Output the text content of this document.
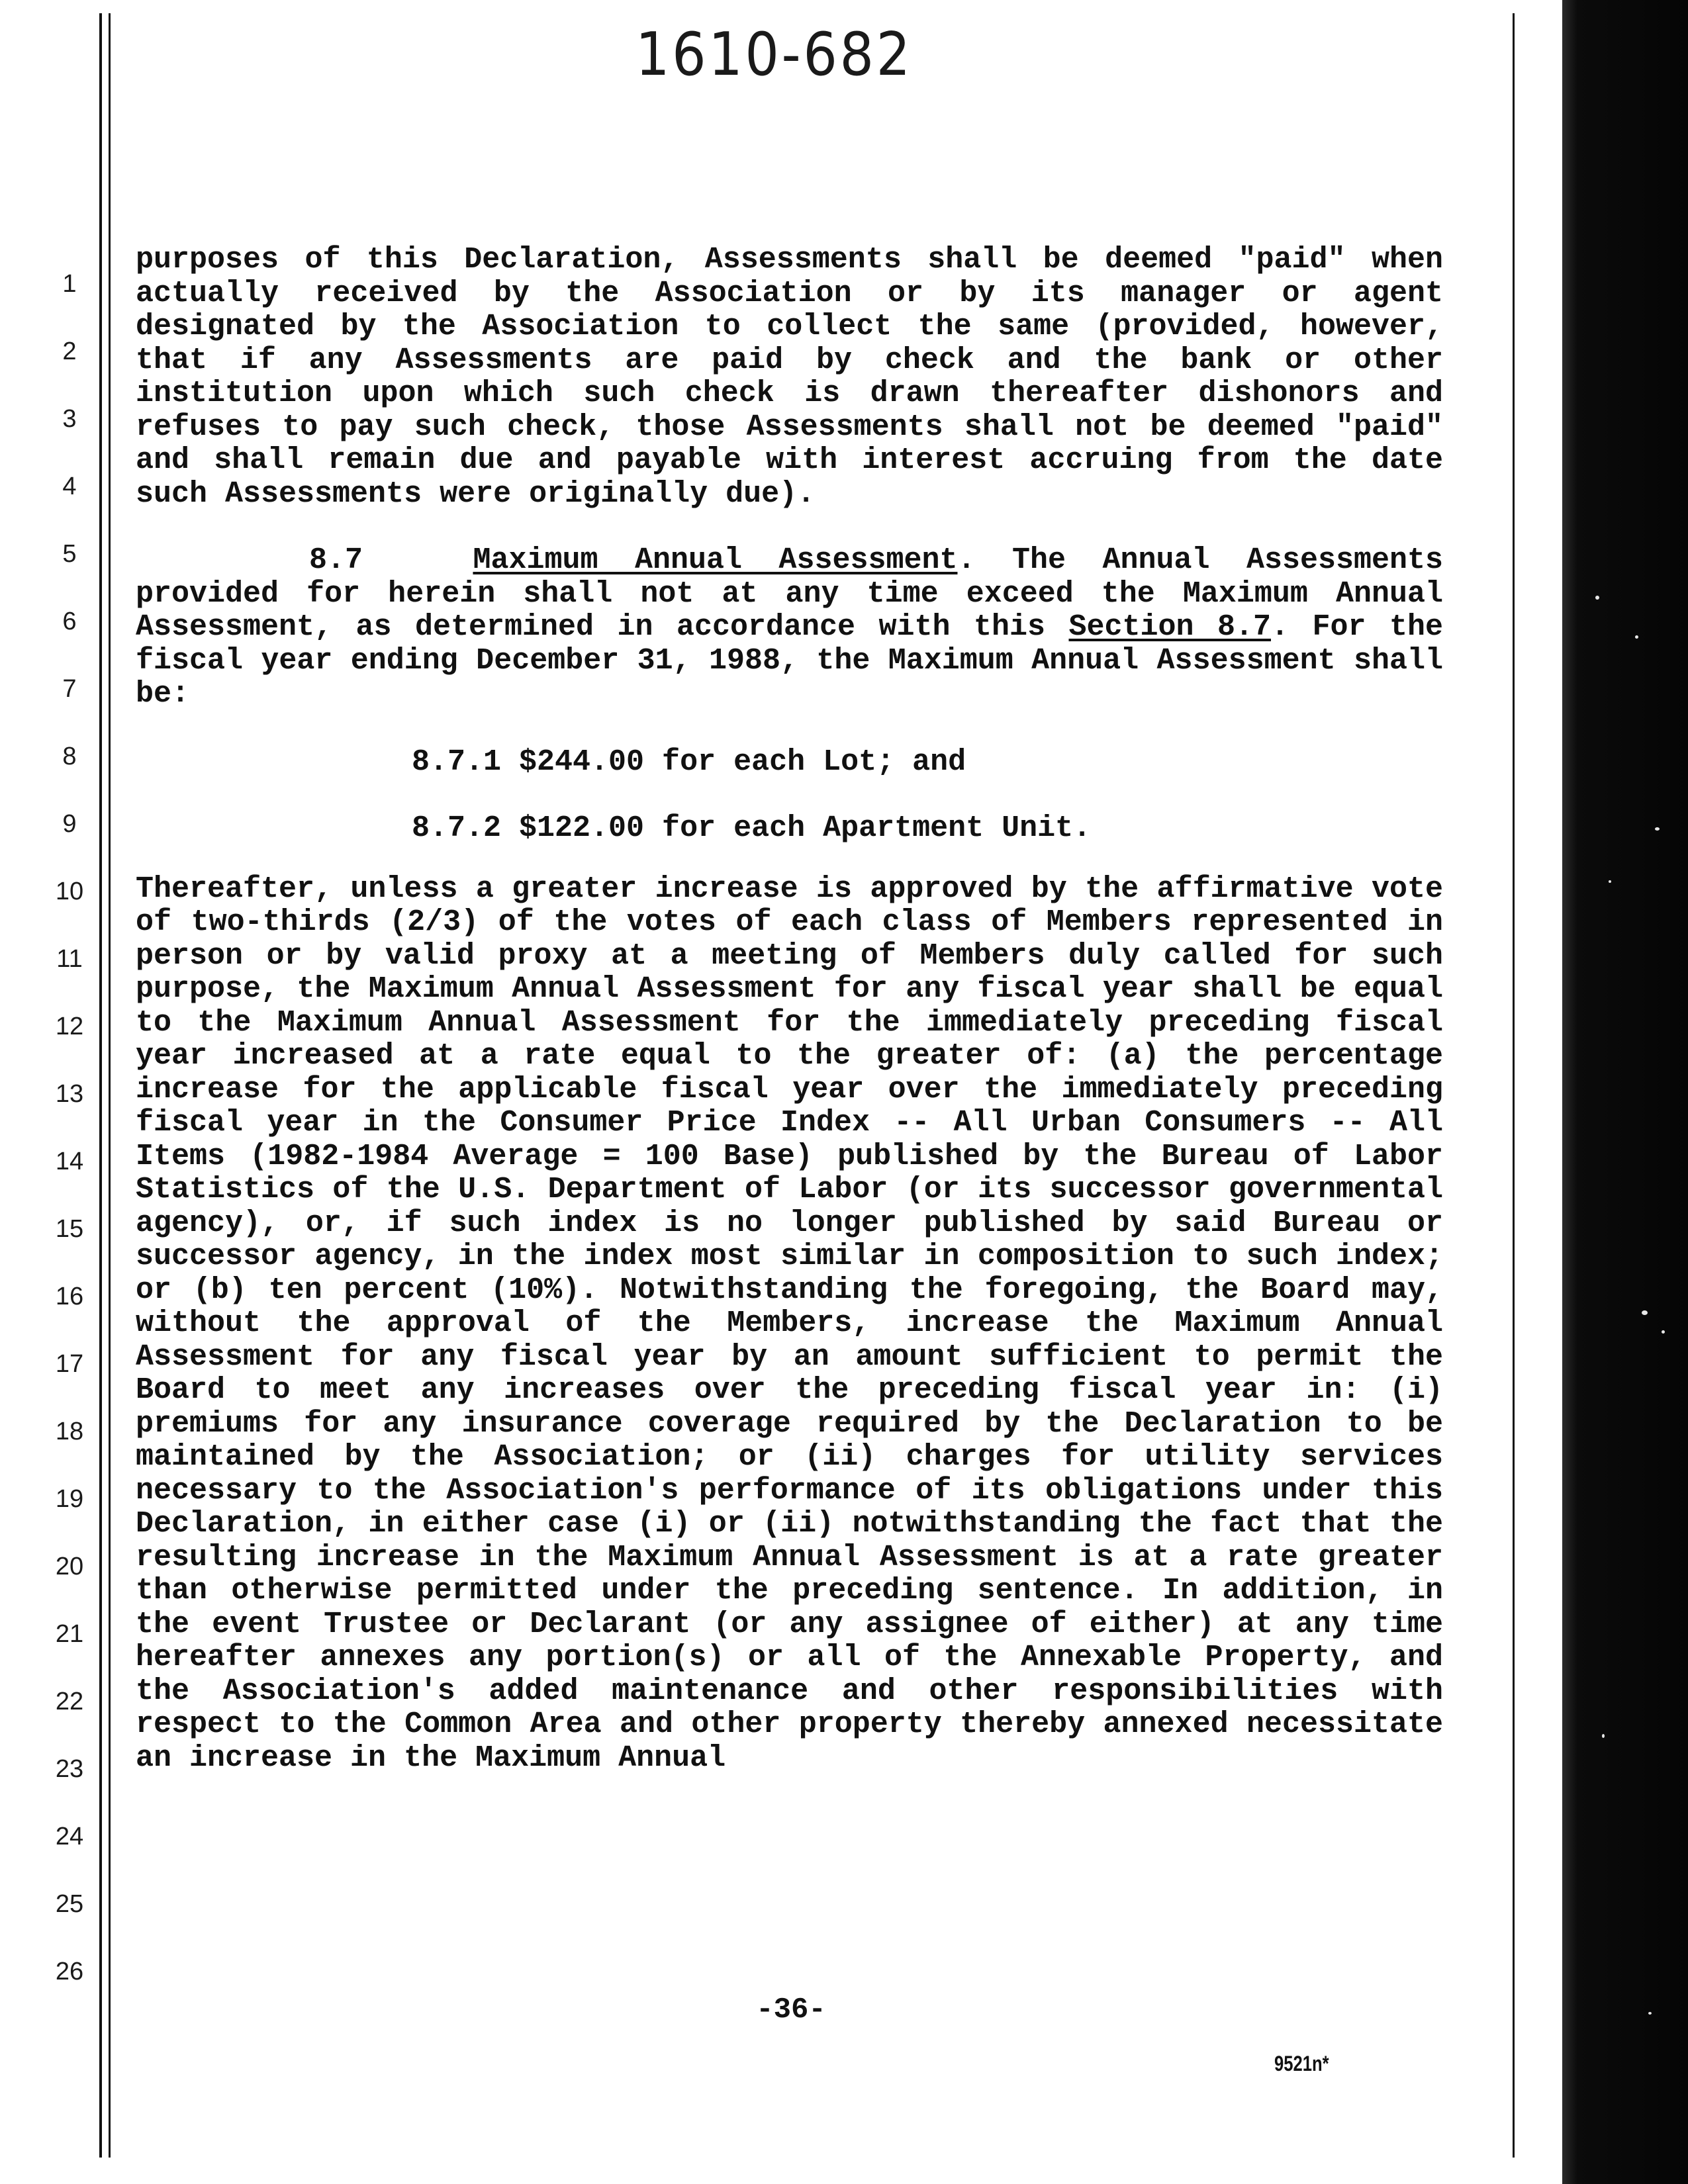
1610-682
1
2
3
4
5
6
7
8
9
10
11
12
13
14
15
16
17
18
19
20
21
22
23
24
25
26

purposes of this Declaration, Assessments shall be deemed "paid" when actually received by the Association or by its manager or agent designated by the Association to collect the same (provided, however, that if any Assessments are paid by check and the bank or other institution upon which such check is drawn thereafter dishonors and refuses to pay such check, those Assessments shall not be deemed "paid" and shall remain due and payable with interest accruing from the date such Assessments were originally due).

8.7	Maximum Annual Assessment. The Annual Assessments provided for herein shall not at any time exceed the Maximum Annual Assessment, as determined in accordance with this Section 8.7. For the fiscal year ending December 31, 1988, the Maximum Annual Assessment shall be:

8.7.1 $244.00 for each Lot; and
8.7.2 $122.00 for each Apartment Unit.

Thereafter, unless a greater increase is approved by the affirmative vote of two-thirds (2/3) of the votes of each class of Members represented in person or by valid proxy at a meeting of Members duly called for such purpose, the Maximum Annual Assessment for any fiscal year shall be equal to the Maximum Annual Assessment for the immediately preceding fiscal year increased at a rate equal to the greater of: (a) the percentage increase for the applicable fiscal year over the immediately preceding fiscal year in the Consumer Price Index -- All Urban Consumers -- All Items (1982-1984 Average = 100 Base) published by the Bureau of Labor Statistics of the U.S. Department of Labor (or its successor governmental agency), or, if such index is no longer published by said Bureau or successor agency, in the index most similar in composition to such index; or (b) ten percent (10%). Notwithstanding the foregoing, the Board may, without the approval of the Members, increase the Maximum Annual Assessment for any fiscal year by an amount sufficient to permit the Board to meet any increases over the preceding fiscal year in: (i) premiums for any insurance coverage required by the Declaration to be maintained by the Association; or (ii) charges for utility services necessary to the Association's performance of its obligations under this Declaration, in either case (i) or (ii) notwithstanding the fact that the resulting increase in the Maximum Annual Assessment is at a rate greater than otherwise permitted under the preceding sentence. In addition, in the event Trustee or Declarant (or any assignee of either) at any time hereafter annexes any portion(s) or all of the Annexable Property, and the Association's added maintenance and other responsibilities with respect to the Common Area and other property thereby annexed necessitate an increase in the Maximum Annual

-36-
9521n*
